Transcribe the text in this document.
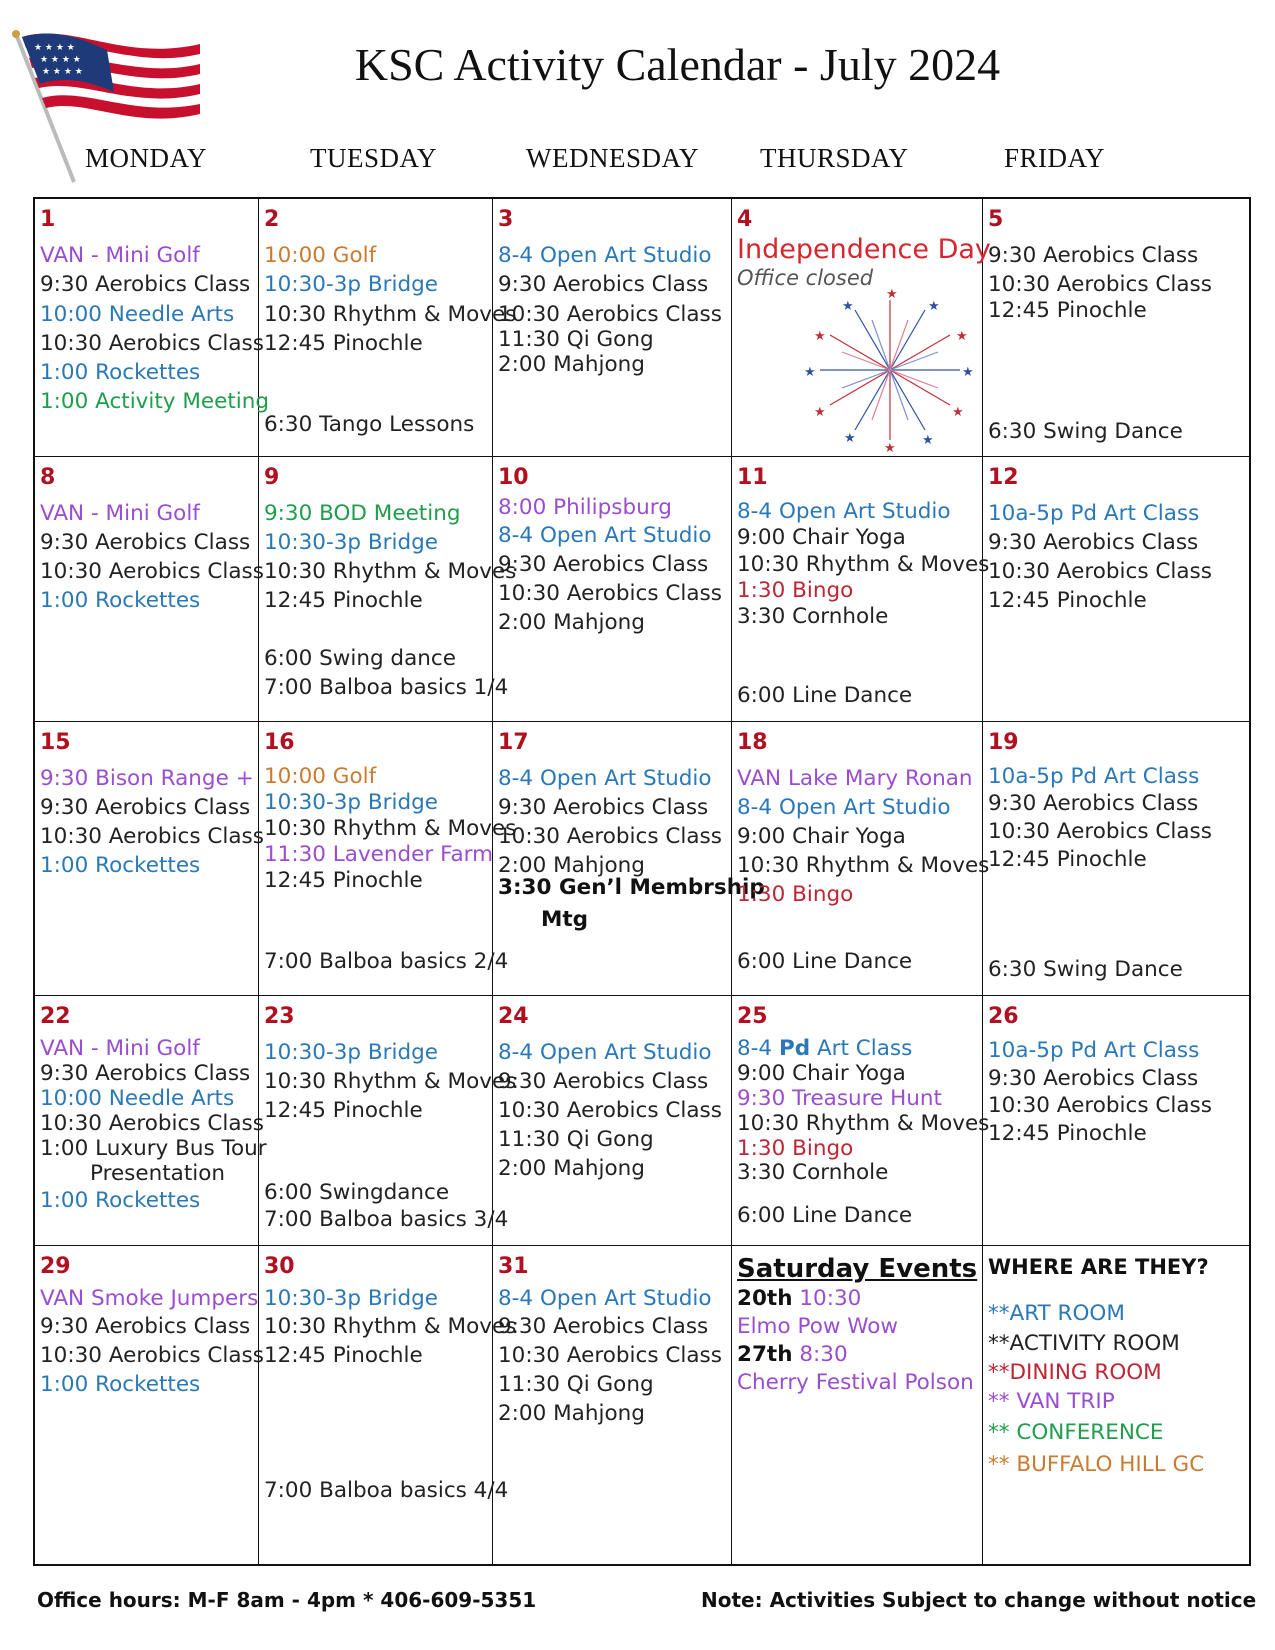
★ ★ ★ ★
★ ★ ★ ★
★ ★ ★ ★	KSC Activity Calendar - July 2024
MONDAY	TUESDAY	WEDNESDAY THURSDAY	FRIDAY
1
VAN - Mini Golf
9:30 Aerobics Class
10:00 Needle Arts
10:30 Aerobics Class
1:00 Rockettes
1:00 Activity Meeting
2
10:00 Golf
10:30-3p Bridge
10:30 Rhythm & Moves
12:45 Pinochle
6:30 Tango Lessons
3
8-4 Open Art Studio
9:30 Aerobics Class
10:30 Aerobics Class
11:30 Qi Gong
2:00 Mahjong
4
Independence Day
Office closed
5
9:30 Aerobics Class
10:30 Aerobics Class
12:45 Pinochle
6:30 Swing Dance
8
VAN - Mini Golf
9:30 Aerobics Class
10:30 Aerobics Class
1:00 Rockettes
9
9:30 BOD Meeting
10:30-3p Bridge
10:30 Rhythm & Moves
12:45 Pinochle
6:00 Swing dance
7:00 Balboa basics 1/4
10
8:00 Philipsburg
8-4 Open Art Studio
9:30 Aerobics Class
10:30 Aerobics Class
2:00 Mahjong
11
8-4 Open Art Studio
9:00 Chair Yoga
10:30 Rhythm & Moves
1:30 Bingo
3:30 Cornhole
6:00 Line Dance
12
10a-5p Pd Art Class
9:30 Aerobics Class
10:30 Aerobics Class
12:45 Pinochle
15
9:30 Bison Range +
9:30 Aerobics Class
10:30 Aerobics Class
1:00 Rockettes
16
10:00 Golf
10:30-3p Bridge
10:30 Rhythm & Moves
11:30 Lavender Farm
12:45 Pinochle
7:00 Balboa basics 2/4
17
8-4 Open Art Studio
9:30 Aerobics Class
10:30 Aerobics Class
2:00 Mahjong
3:30 Gen’l Membrship
Mtg
18
VAN Lake Mary Ronan
8-4 Open Art Studio
9:00 Chair Yoga
10:30 Rhythm & Moves
1:30 Bingo
6:00 Line Dance
19
10a-5p Pd Art Class
9:30 Aerobics Class
10:30 Aerobics Class
12:45 Pinochle
6:30 Swing Dance
22
VAN - Mini Golf
9:30 Aerobics Class
10:00 Needle Arts
10:30 Aerobics Class
1:00 Luxury Bus Tour
Presentation
1:00 Rockettes
23
10:30-3p Bridge
10:30 Rhythm & Moves
12:45 Pinochle
6:00 Swingdance
7:00 Balboa basics 3/4
24
8-4 Open Art Studio
9:30 Aerobics Class
10:30 Aerobics Class
11:30 Qi Gong
2:00 Mahjong
25
8-4 Pd Art Class
9:00 Chair Yoga
9:30 Treasure Hunt
10:30 Rhythm & Moves
1:30 Bingo
3:30 Cornhole
6:00 Line Dance
26
10a-5p Pd Art Class
9:30 Aerobics Class
10:30 Aerobics Class
12:45 Pinochle
29
VAN Smoke Jumpers
9:30 Aerobics Class
10:30 Aerobics Class
1:00 Rockettes
30
10:30-3p Bridge
10:30 Rhythm & Moves
12:45 Pinochle
7:00 Balboa basics 4/4
31
8-4 Open Art Studio
9:30 Aerobics Class
10:30 Aerobics Class
11:30 Qi Gong
2:00 Mahjong
Saturday Events
20th 10:30
Elmo Pow Wow
27th 8:30
Cherry Festival Polson
WHERE ARE THEY?
**ART ROOM
**ACTIVITY ROOM
**DINING ROOM
** VAN TRIP
** CONFERENCE
** BUFFALO HILL GC
★
★
★
★
★
★
★
★
★
★
★
★
Office hours: M-F 8am - 4pm * 406-609-5351	Note: Activities Subject to change without notice
